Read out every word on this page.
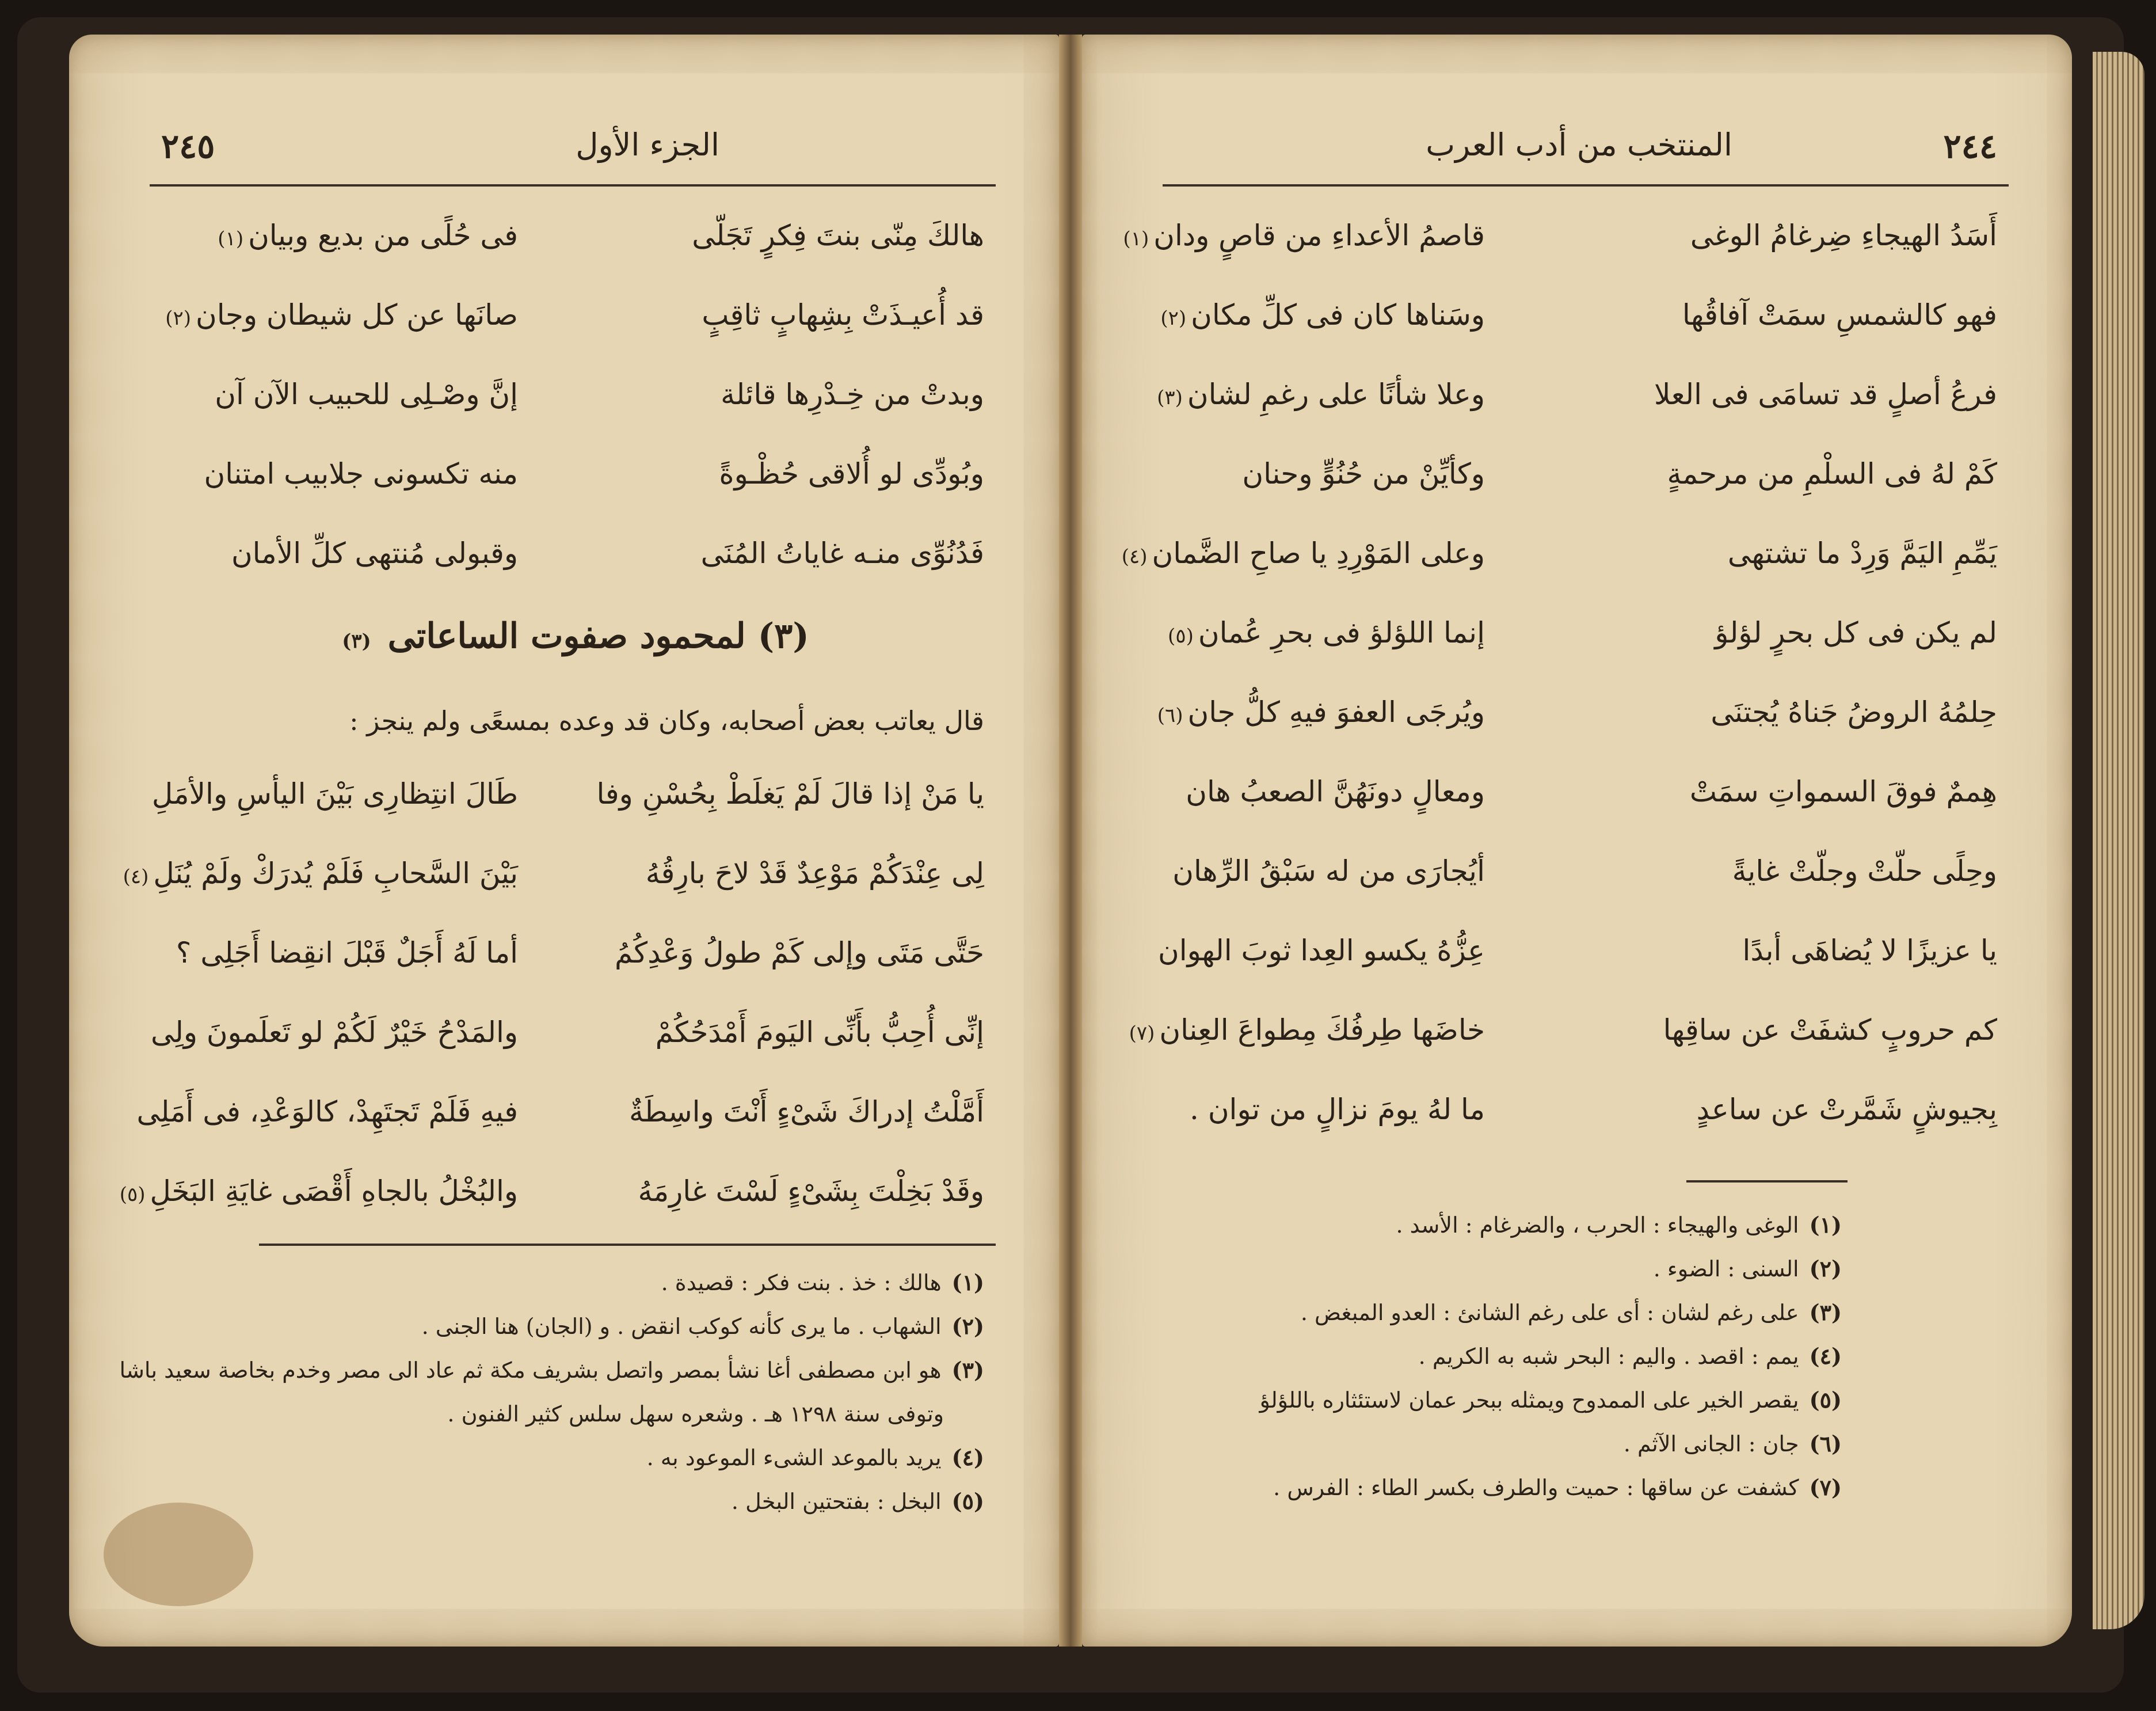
٢٤٥	الجزء الأول
هالكَ مِنّى بنتَ فِكرٍ تَجَلّى
فى حُلًى من بديع وبيان(١)
قد أُعيـذَتْ بِشِهابٍ ثاقِبٍ
صانَها عن كل شيطان وجان(٢)
وبدتْ من خِـدْرِها قائلة
إنَّ وصْـلِى للحبيب الآن آن
وبُودِّى لو أُلاقى حُظْـوةً
منه تكسونى جلابيب امتنان
فَدُنُوِّى منـه غاياتُ المُنَى
وقبولى مُنتهى كلِّ الأمان
(٣) لمحمود صفوت الساعاتى (٣)
قال يعاتب بعض أصحابه، وكان قد وعده بمسعًى ولم ينجز :
يا مَنْ إذا قالَ لَمْ يَغلَطْ بِحُسْنِ وفا
طَالَ انتِظارِى بَيْنَ اليأسِ والأمَلِ
لِى عِنْدَكُمْ مَوْعِدٌ قَدْ لاحَ بارِقُهُ
بَيْنَ السَّحابِ فَلَمْ يُدرَكْ ولَمْ يُنَلِ(٤)
حَتَّى مَتَى وإلى كَمْ طولُ وَعْدِكُمُ
أما لَهُ أَجَلٌ قَبْلَ انقِضا أَجَلِى ؟
إنِّى أُحِبُّ بأَنِّى اليَومَ أَمْدَحُكُمْ
والمَدْحُ خَيْرٌ لَكُمْ لو تَعلَمونَ ولِى
أَمَّلْتُ إدراكَ شَىْءٍ أَنْتَ واسِطَةٌ
فيهِ فَلَمْ تَجتَهِدْ، كالوَعْدِ، فى أَمَلِى
وقَدْ بَخِلْتَ بِشَىْءٍ لَسْتَ غارِمَهُ
والبُخْلُ بالجاهِ أَقْصَى غايَةِ البَخَلِ(٥)
(١)هالك : خذ . بنت فكر : قصيدة .
(٢)الشهاب . ما يرى كأنه كوكب انقض . و (الجان) هنا الجنى .
(٣)هو ابن مصطفى أغا نشأ بمصر واتصل بشريف مكة ثم عاد الى مصر وخدم بخاصة سعيد باشا
وتوفى سنة ١٢٩٨ هـ . وشعره سهل سلس كثير الفنون .
(٤)يريد بالموعد الشىء الموعود به .
(٥)البخل : بفتحتين البخل .
٢٤٤
المنتخب من أدب العرب
أَسَدُ الهيجاءِ ضِرغامُ الوغى
قاصمُ الأعداءِ من قاصٍ ودان(١)
فهو كالشمسِ سمَتْ آفاقُها
وسَناها كان فى كلِّ مكان(٢)
فرعُ أصلٍ قد تسامَى فى العلا
وعلا شأنًا على رغمِ لشان(٣)
كَمْ لهُ فى السلْمِ من مرحمةٍ
وكأيِّنْ من حُنُوٍّ وحنان
يَمِّمِ اليَمَّ وَرِدْ ما تشتهى
وعلى المَوْرِدِ يا صاحِ الضَّمان(٤)
لم يكن فى كل بحرٍ لؤلؤ
إنما اللؤلؤ فى بحرِ عُمان(٥)
حِلمُهُ الروضُ جَناهُ يُجتنَى
ويُرجَى العفوَ فيهِ كلُّ جان(٦)
هِممٌ فوقَ السمواتِ سمَتْ
ومعالٍ دونَهُنَّ الصعبُ هان
وحِلًى حلّتْ وجلّتْ غايةً
أيُجارَى من له سَبْقُ الرِّهان
يا عزيزًا لا يُضاهَى أبدًا
عِزُّهُ يكسو العِدا ثوبَ الهوان
كم حروبٍ كشفَتْ عن ساقِها
خاضَها طِرفُكَ مِطواعَ العِنان(٧)
بِجيوشٍ شَمَّرتْ عن ساعدٍ
ما لهُ يومَ نزالٍ من توان .
(١)الوغى والهيجاء : الحرب ، والضرغام : الأسد .
(٢)السنى : الضوء .
(٣)على رغم لشان : أى على رغم الشانئ : العدو المبغض .
(٤)يمم : اقصد . واليم : البحر شبه به الكريم .
(٥)يقصر الخير على الممدوح ويمثله ببحر عمان لاستئثاره باللؤلؤ
(٦)جان : الجانى الآثم .
(٧)كشفت عن ساقها : حميت والطرف بكسر الطاء : الفرس .
